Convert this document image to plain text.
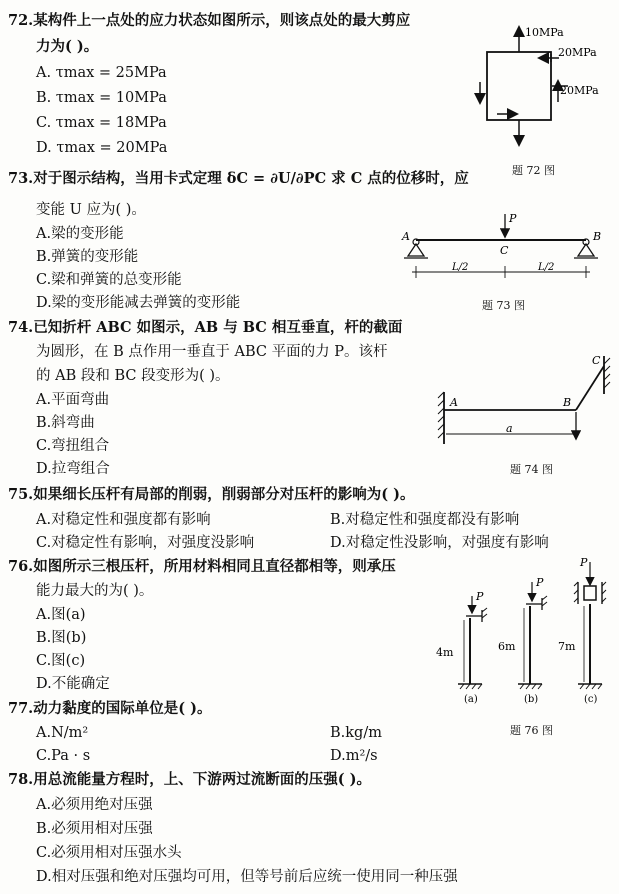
72.某构件上一点处的应力状态如图所示，则该点处的最大剪应
力为( )。
A. τmax = 25MPa
B. τmax = 10MPa
C. τmax = 18MPa
D. τmax = 20MPa
10MPa
20MPa
20MPa
题 72 图
73.对于图示结构，当用卡式定理 δC = ∂U/∂PC 求 C 点的位移时，应
变能 U 应为( )。
A.梁的变形能
B.弹簧的变形能
C.梁和弹簧的总变形能
D.梁的变形能减去弹簧的变形能
P
A
C
B
L/2	L/2
题 73 图
74.已知折杆 ABC 如图示，AB 与 BC 相互垂直，杆的截面
为圆形，在 B 点作用一垂直于 ABC 平面的力 P。该杆
的 AB 段和 BC 段变形为( )。
A.平面弯曲
B.斜弯曲
C.弯扭组合
D.拉弯组合
A	B
C
a
题 74 图
75.如果细长压杆有局部的削弱，削弱部分对压杆的影响为( )。
A.对稳定性和强度都有影响	B.对稳定性和强度都没有影响
C.对稳定性有影响，对强度没影响	D.对稳定性没影响，对强度有影响
76.如图所示三根压杆，所用材料相同且直径都相等，则承压
能力最大的为( )。
A.图(a)
B.图(b)
C.图(c)
D.不能确定
P
P
P
4m	6m	7m
(a)	(b)	(c)
题 76 图
77.动力黏度的国际单位是( )。
A.N/m²	B.kg/m
C.Pa · s	D.m²/s
78.用总流能量方程时，上、下游两过流断面的压强( )。
A.必须用绝对压强
B.必须用相对压强
C.必须用相对压强水头
D.相对压强和绝对压强均可用，但等号前后应统一使用同一种压强
